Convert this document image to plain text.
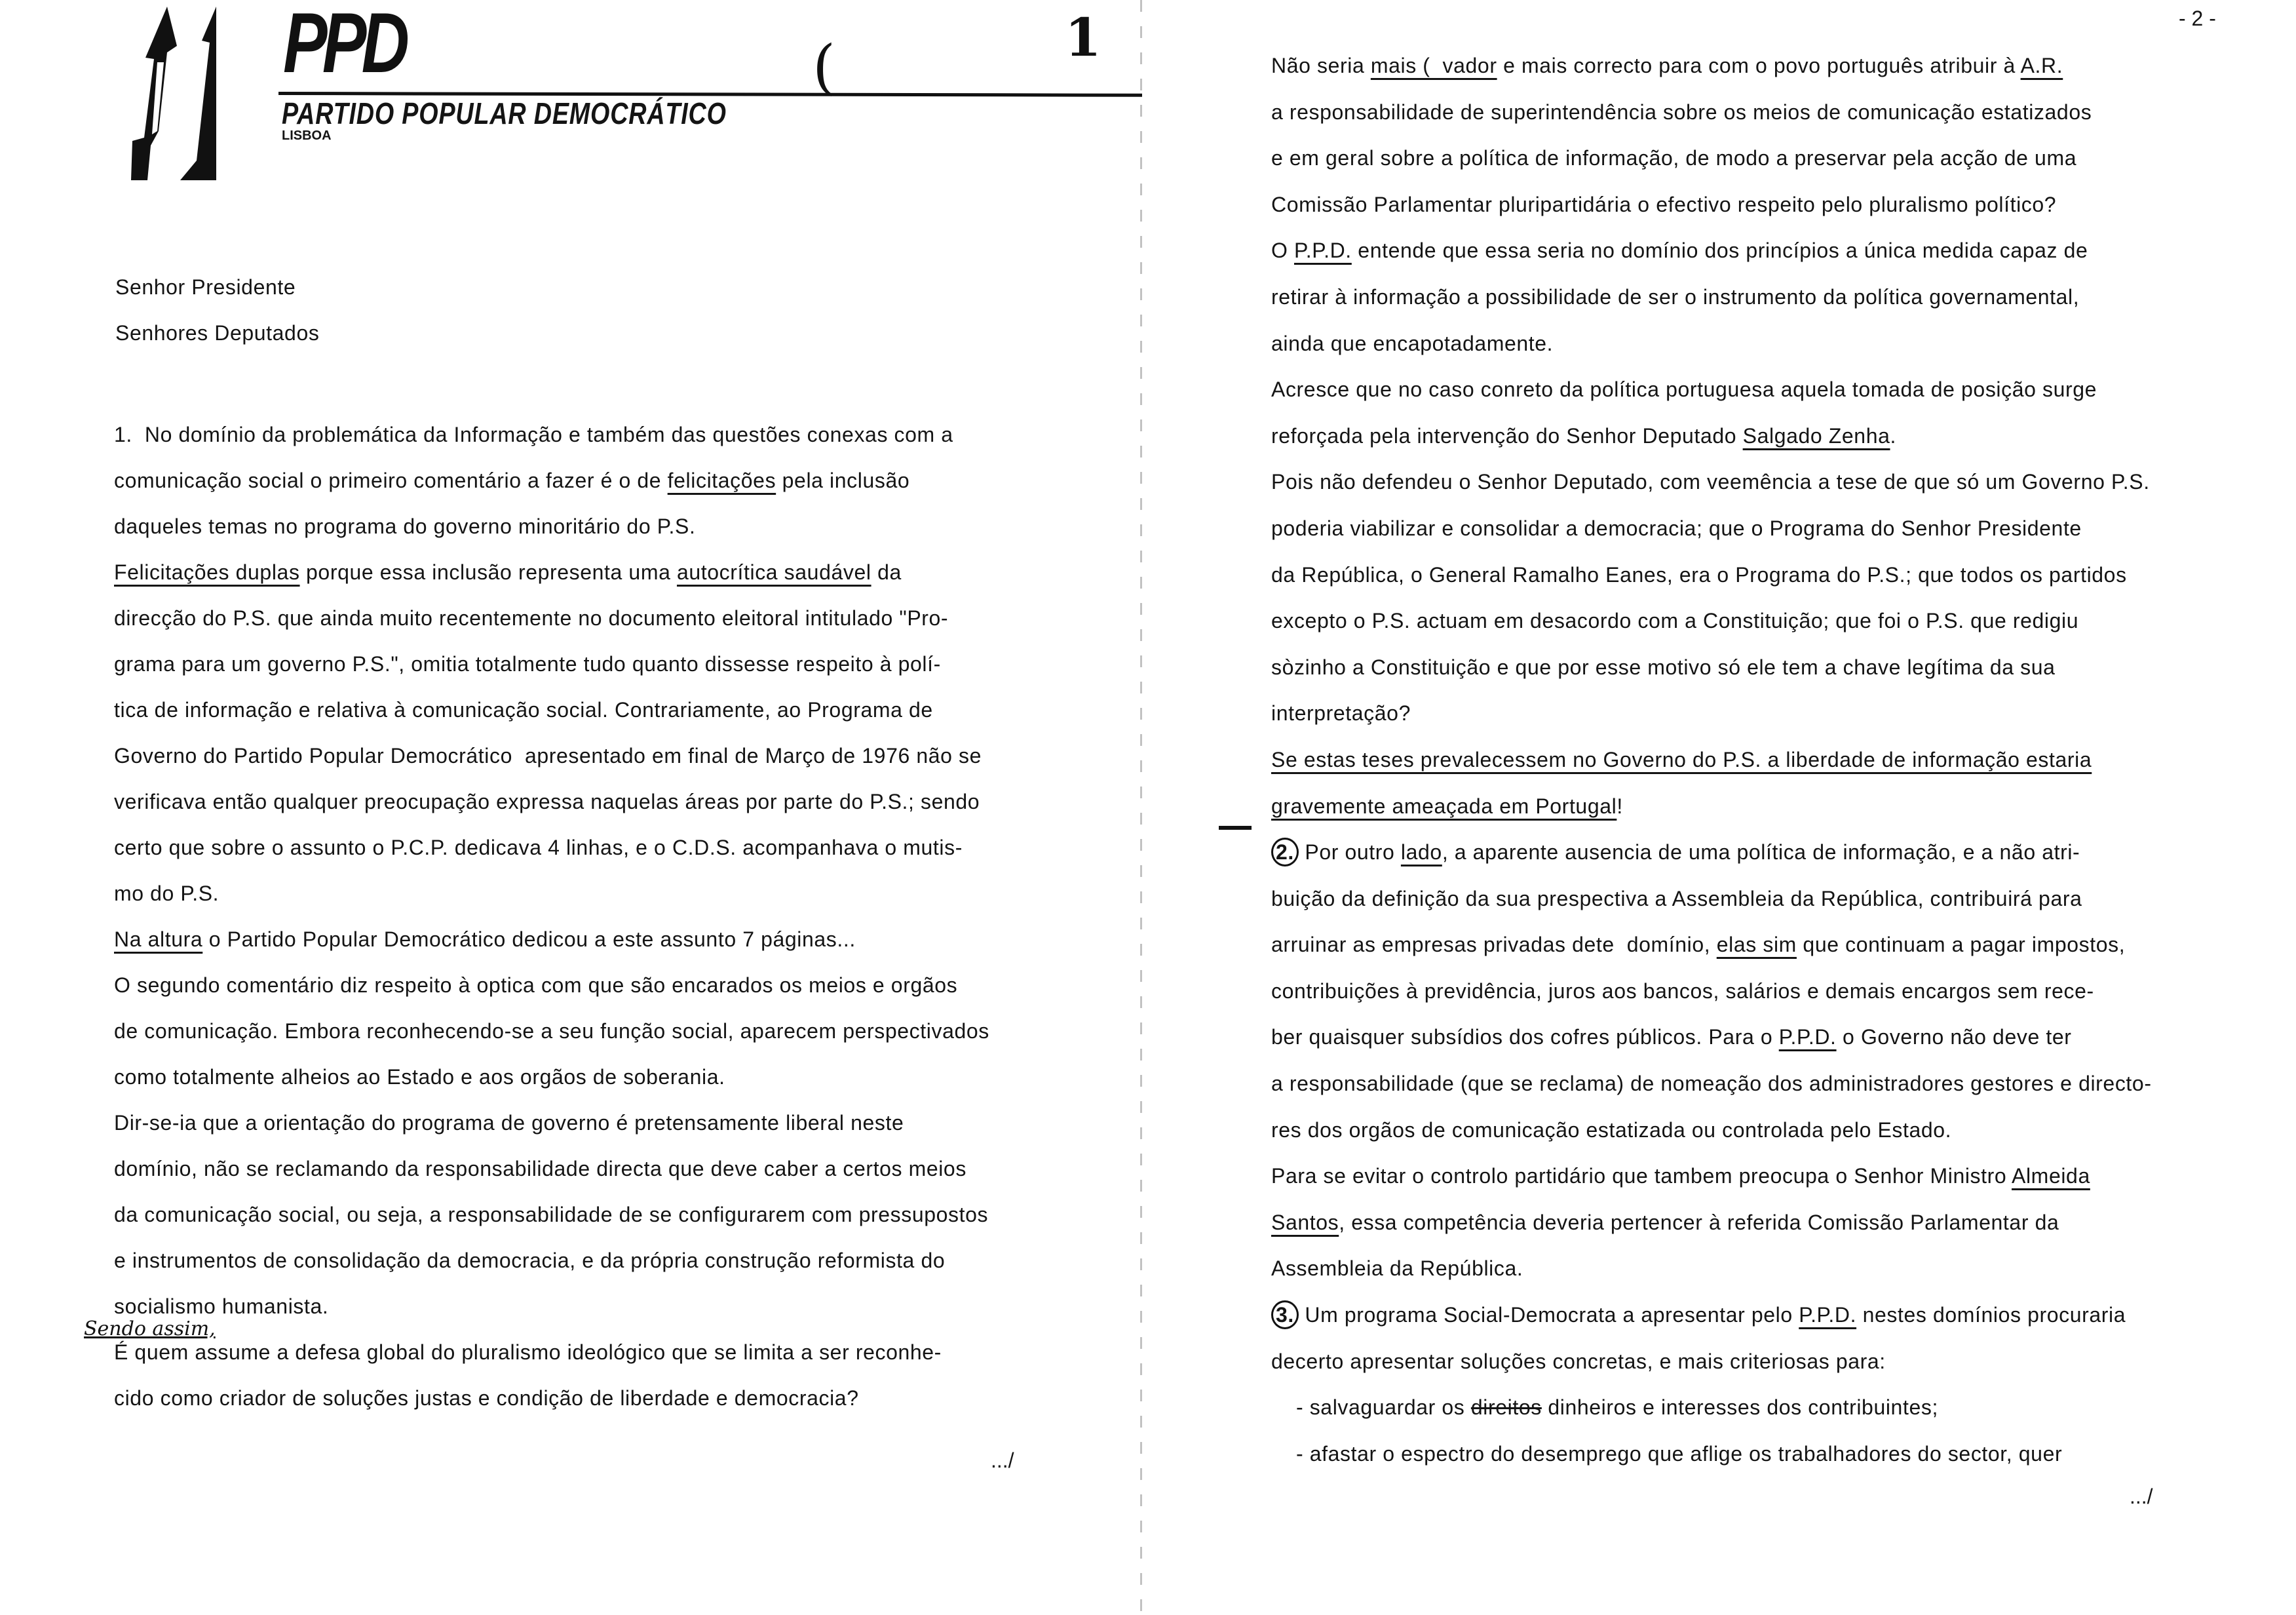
PPD
PARTIDO POPULAR DEMOCRÁTICO
LISBOA
(	1
Senhor Presidente
Senhores Deputados
1.  No domínio da problemática da Informação e também das questões conexas com a
comunicação social o primeiro comentário a fazer é o de felicitações pela inclusão
daqueles temas no programa do governo minoritário do P.S.
Felicitações duplas porque essa inclusão representa uma autocrítica saudável da
direcção do P.S. que ainda muito recentemente no documento eleitoral intitulado "Pro-
grama para um governo P.S.", omitia totalmente tudo quanto dissesse respeito à polí-
tica de informação e relativa à comunicação social. Contrariamente, ao Programa de
Governo do Partido Popular Democrático  apresentado em final de Março de 1976 não se
verificava então qualquer preocupação expressa naquelas áreas por parte do P.S.; sendo
certo que sobre o assunto o P.C.P. dedicava 4 linhas, e o C.D.S. acompanhava o mutis-
mo do P.S.
Na altura o Partido Popular Democrático dedicou a este assunto 7 páginas...
O segundo comentário diz respeito à optica com que são encarados os meios e orgãos
de comunicação. Embora reconhecendo-se a seu função social, aparecem perspectivados
como totalmente alheios ao Estado e aos orgãos de soberania.
Dir-se-ia que a orientação do programa de governo é pretensamente liberal neste
domínio, não se reclamando da responsabilidade directa que deve caber a certos meios
da comunicação social, ou seja, a responsabilidade de se configurarem com pressupostos
e instrumentos de consolidação da democracia, e da própria construção reformista do
socialismo humanista.
É quem assume a defesa global do pluralismo ideológico que se limita a ser reconhe-
cido como criador de soluções justas e condição de liberdade e democracia?
Sendo assim,
.../
- 2 -
Não seria mais (  vador e mais correcto para com o povo português atribuir à A.R.
a responsabilidade de superintendência sobre os meios de comunicação estatizados
e em geral sobre a política de informação, de modo a preservar pela acção de uma
Comissão Parlamentar pluripartidária o efectivo respeito pelo pluralismo político?
O P.P.D. entende que essa seria no domínio dos princípios a única medida capaz de
retirar à informação a possibilidade de ser o instrumento da política governamental,
ainda que encapotadamente.
Acresce que no caso conreto da política portuguesa aquela tomada de posição surge
reforçada pela intervenção do Senhor Deputado Salgado Zenha.
Pois não defendeu o Senhor Deputado, com veemência a tese de que só um Governo P.S.
poderia viabilizar e consolidar a democracia; que o Programa do Senhor Presidente
da República, o General Ramalho Eanes, era o Programa do P.S.; que todos os partidos
excepto o P.S. actuam em desacordo com a Constituição; que foi o P.S. que redigiu
sòzinho a Constituição e que por esse motivo só ele tem a chave legítima da sua
interpretação?
Se estas teses prevalecessem no Governo do P.S. a liberdade de informação estaria
gravemente ameaçada em Portugal!
2. Por outro lado, a aparente ausencia de uma política de informação, e a não atri-
buição da definição da sua prespectiva a Assembleia da República, contribuirá para
arruinar as empresas privadas dete  domínio, elas sim que continuam a pagar impostos,
contribuições à previdência, juros aos bancos, salários e demais encargos sem rece-
ber quaisquer subsídios dos cofres públicos. Para o P.P.D. o Governo não deve ter
a responsabilidade (que se reclama) de nomeação dos administradores gestores e directo-
res dos orgãos de comunicação estatizada ou controlada pelo Estado.
Para se evitar o controlo partidário que tambem preocupa o Senhor Ministro Almeida
Santos, essa competência deveria pertencer à referida Comissão Parlamentar da
Assembleia da República.
3. Um programa Social-Democrata a apresentar pelo P.P.D. nestes domínios procuraria
decerto apresentar soluções concretas, e mais criteriosas para:
- salvaguardar os direitos dinheiros e interesses dos contribuintes;
- afastar o espectro do desemprego que aflige os trabalhadores do sector, quer
.../
